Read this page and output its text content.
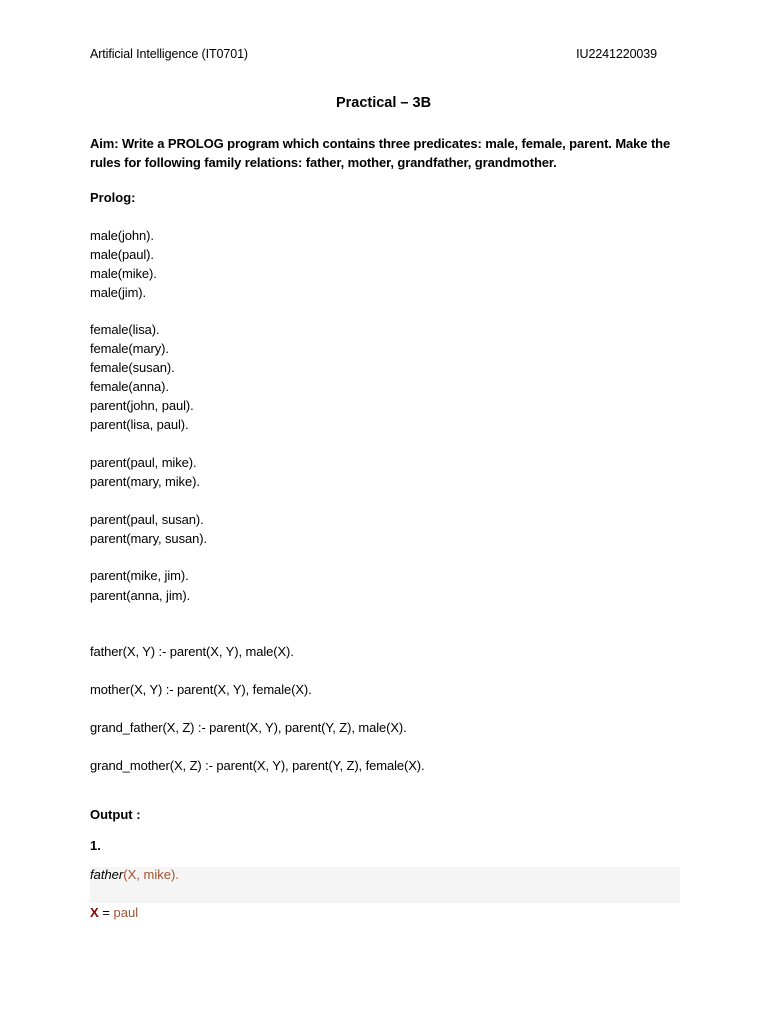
Artificial Intelligence (IT0701)	IU2241220039
Practical – 3B
Aim: Write a PROLOG program which contains three predicates: male, female, parent. Make the rules for following family relations: father, mother, grandfather, grandmother.
Prolog:
male(john).
male(paul).
male(mike).
male(jim).
female(lisa).
female(mary).
female(susan).
female(anna).
parent(john, paul).
parent(lisa, paul).
parent(paul, mike).
parent(mary, mike).
parent(paul, susan).
parent(mary, susan).
parent(mike, jim).
parent(anna, jim).
father(X, Y) :- parent(X, Y), male(X).
mother(X, Y) :- parent(X, Y), female(X).
grand_father(X, Z) :- parent(X, Y), parent(Y, Z), male(X).
grand_mother(X, Z) :- parent(X, Y), parent(Y, Z), female(X).
Output :
1.
father(X, mike).
X = paul
